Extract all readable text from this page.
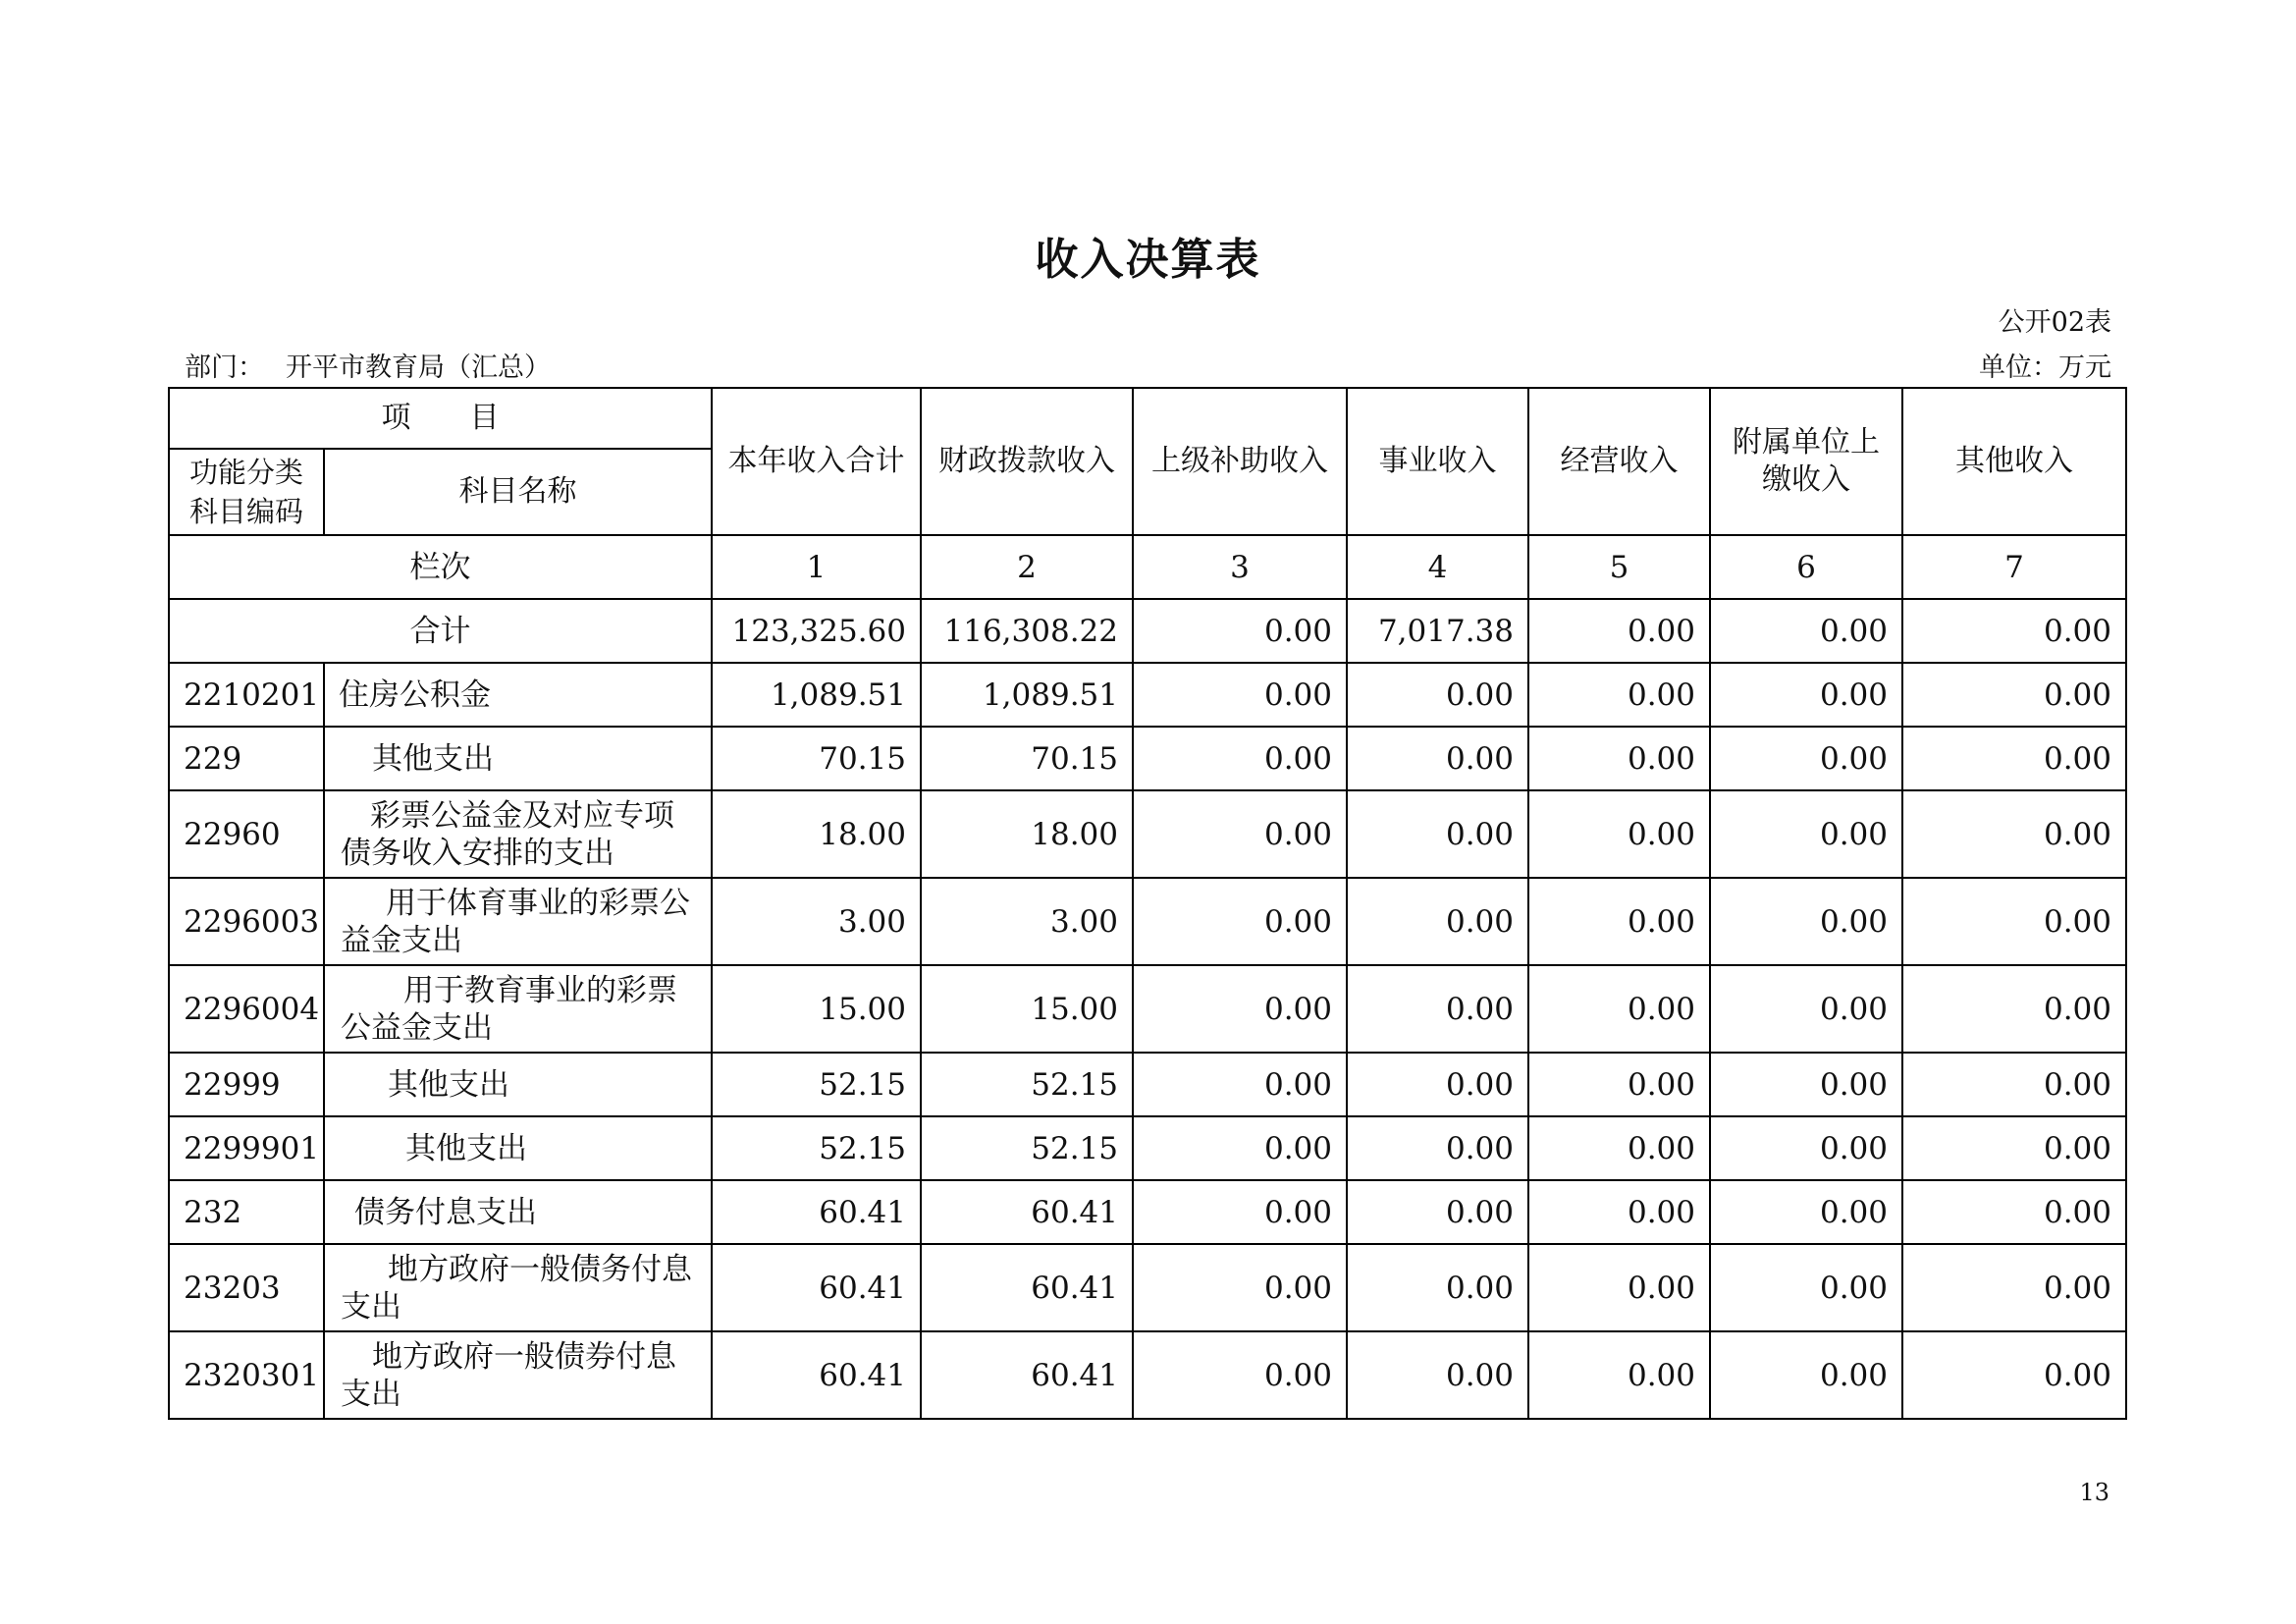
收入决算表
公开02表
部门： 开平市教育局（汇总）	单位：万元
项　　目		本年收入合计	财政拨款收入	上级补助收入	事业收入	经营收入	附属单位上缴收入	其他收入
功能分类科目编码	科目名称							
栏次		1	2	3	4	5	6	7
合计		123,325.60	116,308.22	0.00	7,017.38	0.00	0.00	0.00
2210201	住房公积金	1,089.51	1,089.51	0.00	0.00	0.00	0.00	0.00
229	其他支出	70.15	70.15	0.00	0.00	0.00	0.00	0.00
22960	彩票公益金及对应专项债务收入安排的支出	18.00	18.00	0.00	0.00	0.00	0.00	0.00
2296003	用于体育事业的彩票公益金支出	3.00	3.00	0.00	0.00	0.00	0.00	0.00
2296004	用于教育事业的彩票公益金支出	15.00	15.00	0.00	0.00	0.00	0.00	0.00
22999	其他支出	52.15	52.15	0.00	0.00	0.00	0.00	0.00
2299901	其他支出	52.15	52.15	0.00	0.00	0.00	0.00	0.00
232	债务付息支出	60.41	60.41	0.00	0.00	0.00	0.00	0.00
23203	地方政府一般债务付息支出	60.41	60.41	0.00	0.00	0.00	0.00	0.00
2320301	地方政府一般债券付息支出	60.41	60.41	0.00	0.00	0.00	0.00	0.00
13
